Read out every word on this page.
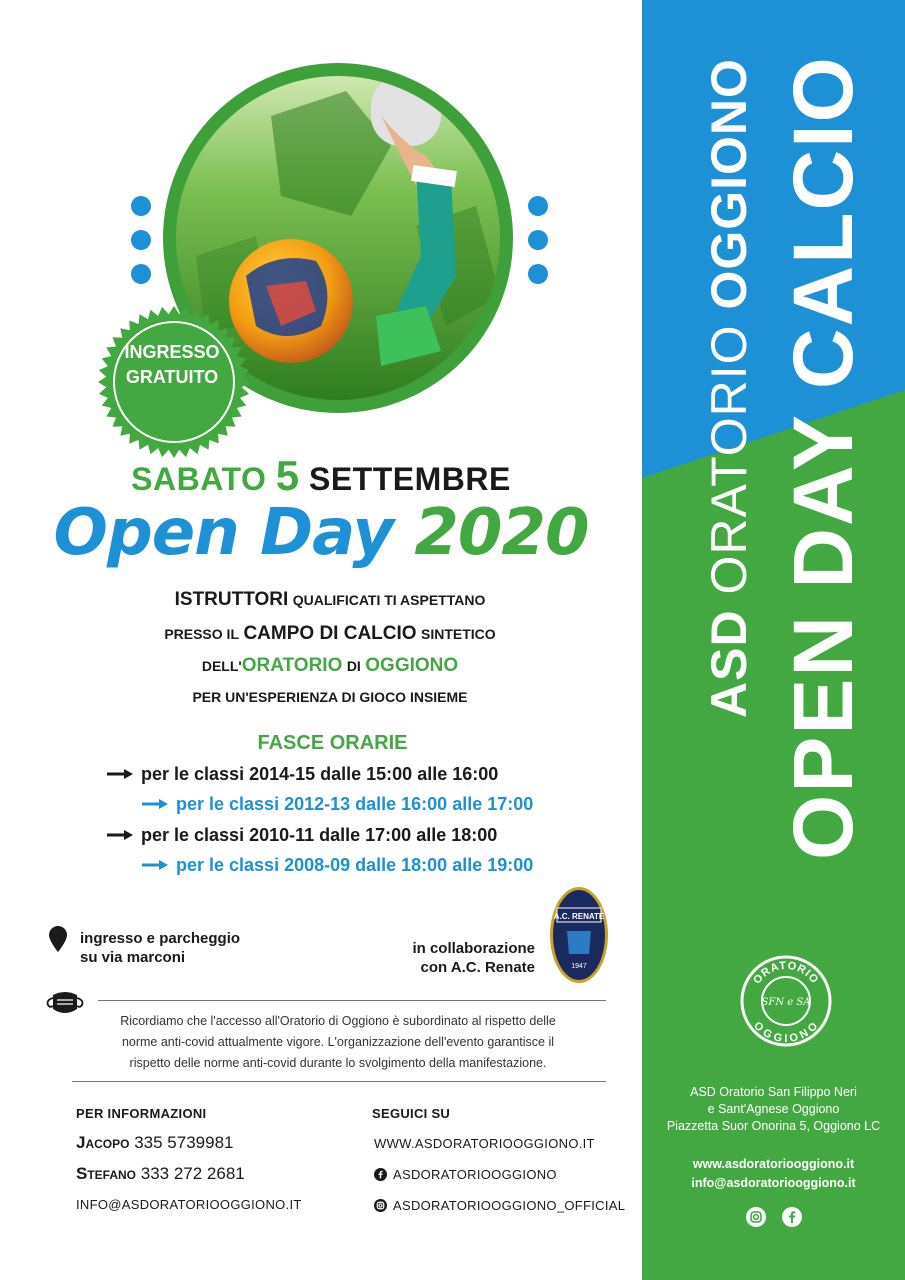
ASD ORATORIO OGGIONO OPEN DAY CALCIO
ORATORIO
OGGIONO
SFN e SA
ASD Oratorio San Filippo Neri
e Sant'Agnese Oggiono
Piazzetta Suor Onorina 5, Oggiono LC
www.asdoratoriooggiono.it
info@asdoratoriooggiono.it
INGRESSO
GRATUITO
SABATO 5 SETTEMBRE
Open Day 2020
ISTRUTTORI QUALIFICATI TI ASPETTANO
PRESSO IL CAMPO DI CALCIO SINTETICO
DELL'ORATORIO DI OGGIONO
PER UN'ESPERIENZA DI GIOCO INSIEME
FASCE ORARIE
per le classi 2014-15 dalle 15:00 alle 16:00
per le classi 2012-13 dalle 16:00 alle 17:00
per le classi 2010-11 dalle 17:00 alle 18:00
per le classi 2008-09 dalle 18:00 alle 19:00
ingresso e parcheggio
su via marconi
in collaborazione
con A.C. Renate
A.C. RENATE
1947
Ricordiamo che l'accesso all'Oratorio di Oggiono è subordinato al rispetto delle
norme anti-covid attualmente vigore. L'organizzazione dell'evento garantisce il
rispetto delle norme anti-covid durante lo svolgimento della manifestazione.
PER INFORMAZIONI
Jacopo 335 5739981
Stefano 333 272 2681
INFO@ASDORATORIOOGGIONO.IT
SEGUICI SU
WWW.ASDORATORIOOGGIONO.IT
ASDORATORIOOGGIONO
ASDORATORIOOGGIONO_OFFICIAL
